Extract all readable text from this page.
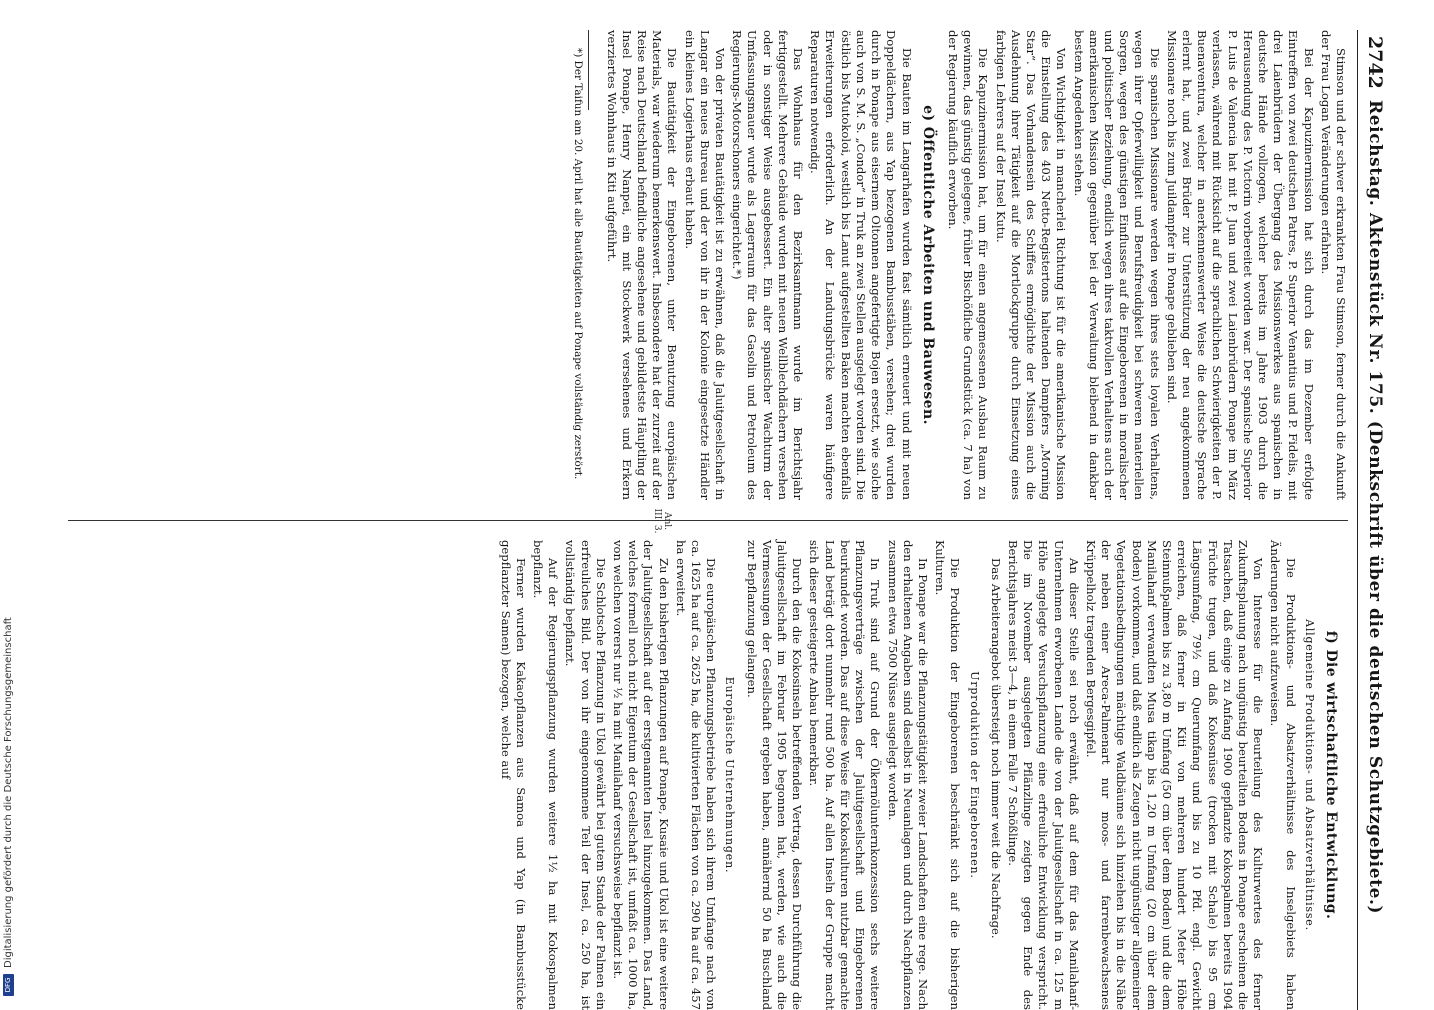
2742
Reichstag. Aktenstück Nr. 175. (Denkschrift über die deutschen Schutzgebiete.)

Stimson und der schwer erkrankten Frau Stimson, ferner durch die Ankunft der Frau Logan Veränderungen erfahren.

Bei der Kapuzinermission hat sich durch das im Dezember erfolgte Eintreffen von zwei deutschen Patres, P. Superior Venantius und P. Fidelis, mit drei Laienbrüdern der Übergang des Missionswerkes aus spanischen in deutsche Hände vollzogen, welcher bereits im Jahre 1903 durch die Herausendung des P. Victorin vorbereitet worden war. Der spanische Superior P. Luis de Valencia hat mit P. Juan und zwei Laienbrüdern Ponape im März verlassen, während mit Rücksicht auf die sprachlichen Schwierigkeiten der P. Buenaventura, welcher in anerkennenswerter Weise die deutsche Sprache erlernt hat, und zwei Brüder zur Unterstützung der neu angekommenen Missionare noch bis zum Juildampfer in Ponape geblieben sind.

Die spanischen Missionare werden wegen ihres stets loyalen Verhaltens, wegen ihrer Opferwilligkeit und Berufsfreudigkeit bei schweren materiellen Sorgen, wegen des günstigen Einflusses auf die Eingeborenen in moralischer und politischer Beziehung, endlich wegen ihres taktvollen Verhaltens auch der amerikanischen Mission gegenüber bei der Verwaltung bleibend in dankbar bestem Angedenken stehen.

Von Wichtigkeit in mancherlei Richtung ist für die amerikanische Mission die Einstellung des 403 Netto-Registertons haltenden Dampfers „Morning Star“. Das Vorhandensein des Schiffes ermöglichte der Mission auch die Ausdehnung ihrer Tätigkeit auf die Mortlockgruppe durch Einsetzung eines farbigen Lehrers auf der Insel Kutu.

Die Kapuzinermission hat, um für einen angemessenen Ausbau Raum zu gewinnen, das günstig gelegene, früher Bischöfliche Grundstück (ca. 7 ha) von der Regierung käuflich erworben.

e) Öffentliche Arbeiten und Bauwesen.

Die Bauten im Langarhafen wurden fast sämtlich erneuert und mit neuen Doppeldächern, aus Yap bezogenen Bambusstäben, versehen; drei wurden durch in Ponape aus eisernem Oltonnen angefertigte Bojen ersetzt, wie solche auch von S. M. S. „Condor“ in Truk an zwei Stellen ausgelegt worden sind. Die östlich bis Mutokoloi, westlich bis Lanut aufgestellten Baken machten ebenfalls Erweiterungen erforderlich. An der Landungsbrücke waren häufigere Reparaturen notwendig.

Das Wohnhaus für den Bezirksamtmann wurde im Berichtsjahr fertiggestellt. Mehrere Gebäude wurden mit neuen Wellblechdächern versehen oder in sonstiger Weise ausgebessert. Ein alter spanischer Wachturm der Umfassungsmauer wurde als Lagerraum für das Gasolin und Petroleum des Regierungs-Motorschoners eingerichtet.*)

Von der privaten Bautätigkeit ist zu erwähnen, daß die Jaluitgesellschaft in Langar ein neues Bureau und der von ihr in der Kolonie eingesetzte Händler ein kleines Logierhaus erbaut haben.

Die Bautätigkeit der Eingeborenen, unter Benutzung europäischen Materials, war wiederum bemerkenswert. Insbesondere hat der zurzeit auf der Reise nach Deutschland befindliche angesehene und gebildetste Häuptling der Insel Ponape, Henry Nanpei, ein mit Stockwerk versehenes und Erkern verziertes Wohnhaus in Kiti aufgeführt.

*) Der Taifun am 20. April hat alle Bautätigkeiten auf Ponape vollständig zerstört.

Anl. III. 3.
f) Die wirtschaftliche Entwicklung.
Allgemeine Produktions- und Absatzverhältnisse.

Die Produktions- und Absatzverhältnisse des Inselgebiets haben Änderungen nicht aufzuweisen.

Von Interesse für die Beurteilung des Kulturwertes des ferner Zukunftsplanung nach ungünstig beurteilten Bodens in Ponape erscheinen die Tatsachen, daß einige zu Anfang 1900 gepflanzte Kokospalmen bereits 1904 Früchte trugen, und daß Kokosnüsse (trocken mit Schale) bis 95 cm Längsumfang, 79½ cm Querumfang und bis zu 10 Pfd. engl. Gewicht erreichen, daß ferner in Kiti von mehreren hundert Meter Höhe Steinnußpalmen bis zu 3,80 m Umfang (50 cm über dem Boden) und die dem Manilahanf verwandten Musa tikap bis 1,20 m Umfang (20 cm über dem Boden) vorkommen, und daß endlich als Zeugen nicht ungünstiger allgemeiner Vegetationsbedingungen mächtige Waldbäume sich hinziehen bis in die Nähe der neben einer Areca-Palmenart nur moos- und farrenbewachsenes Krüppelholz tragenden Bergesgipfel.

An dieser Stelle sei noch erwähnt, daß auf dem für das Manilahanf-Unternehmen erworbenen Lande die von der Jaluitgesellschaft in ca. 125 m Höhe angelegte Versuchspflanzung eine erfreuliche Entwicklung verspricht. Die im November ausgelegten Pflänzlinge zeigten gegen Ende des Berichtsjahres meist 3—4, in einem Falle 7 Schößlinge.

Das Arbeiterangebot übersteigt noch immer weit die Nachfrage.

Urproduktion der Eingeborenen.

Die Produktion der Eingeborenen beschränkt sich auf die bisherigen Kulturen.

In Ponape war die Pflanzungstätigkeit zweier Landschaften eine rege. Nach den erhaltenen Angaben sind daselbst in Neuanlagen und durch Nachpflanzen zusammen etwa 7500 Nüsse ausgelegt worden.

In Truk sind auf Grund der Ölkernölunternkonzession sechs weitere Pflanzungsverträge zwischen der Jaluitgesellschaft und Eingeborenen beurkundet worden. Das auf diese Weise für Kokoskulturen nutzbar gemachte Land beträgt dort nunmehr rund 500 ha. Auf allen Inseln der Gruppe macht sich dieser gesteigerte Anbau bemerkbar.

Durch den die Kokosinseln betreffenden Vertrag, dessen Durchführung die Jaluitgesellschaft im Februar 1905 begonnen hat, werden, wie auch die Vermessungen der Gesellschaft ergeben haben, annähernd 50 ha Buschland zur Bepflanzung gelangen.

Europäische Unternehmungen.

Die europäischen Pflanzungsbetriebe haben sich ihrem Umfange nach von ca. 1625 ha auf ca. 2625 ha, die kultivierten Flächen von ca. 290 ha auf ca. 457 ha erweitert.

Zu den bisherigen Pflanzungen auf Ponape, Kusaie und Ukol ist eine weitere der Jaluitgesellschaft auf der erstgenannten Insel hinzugekommen. Das Land, welches formell noch nicht Eigentum der Gesellschaft ist, umfaßt ca. 1000 ha, von welchen vorerst nur ½ ha mit Manilahanf versuchsweise bepflanzt ist.

Die Schlotsche Pflanzung in Ukol gewährt bei gutem Stande der Palmen ein erfreuliches Bild. Der von ihr eingenommene Teil der Insel, ca. 250 ha, ist vollständig bepflanzt.

Auf der Regierungspflanzung wurden weitere 1½ ha mit Kokospalmen bepflanzt.

Ferner wurden Kakaopflanzen aus Samoa und Yap (in Bambusstücke gepflanzter Samen) bezogen, welche auf

DFGDigitalisierung gefördert durch die Deutsche Forschungsgemeinschaft
